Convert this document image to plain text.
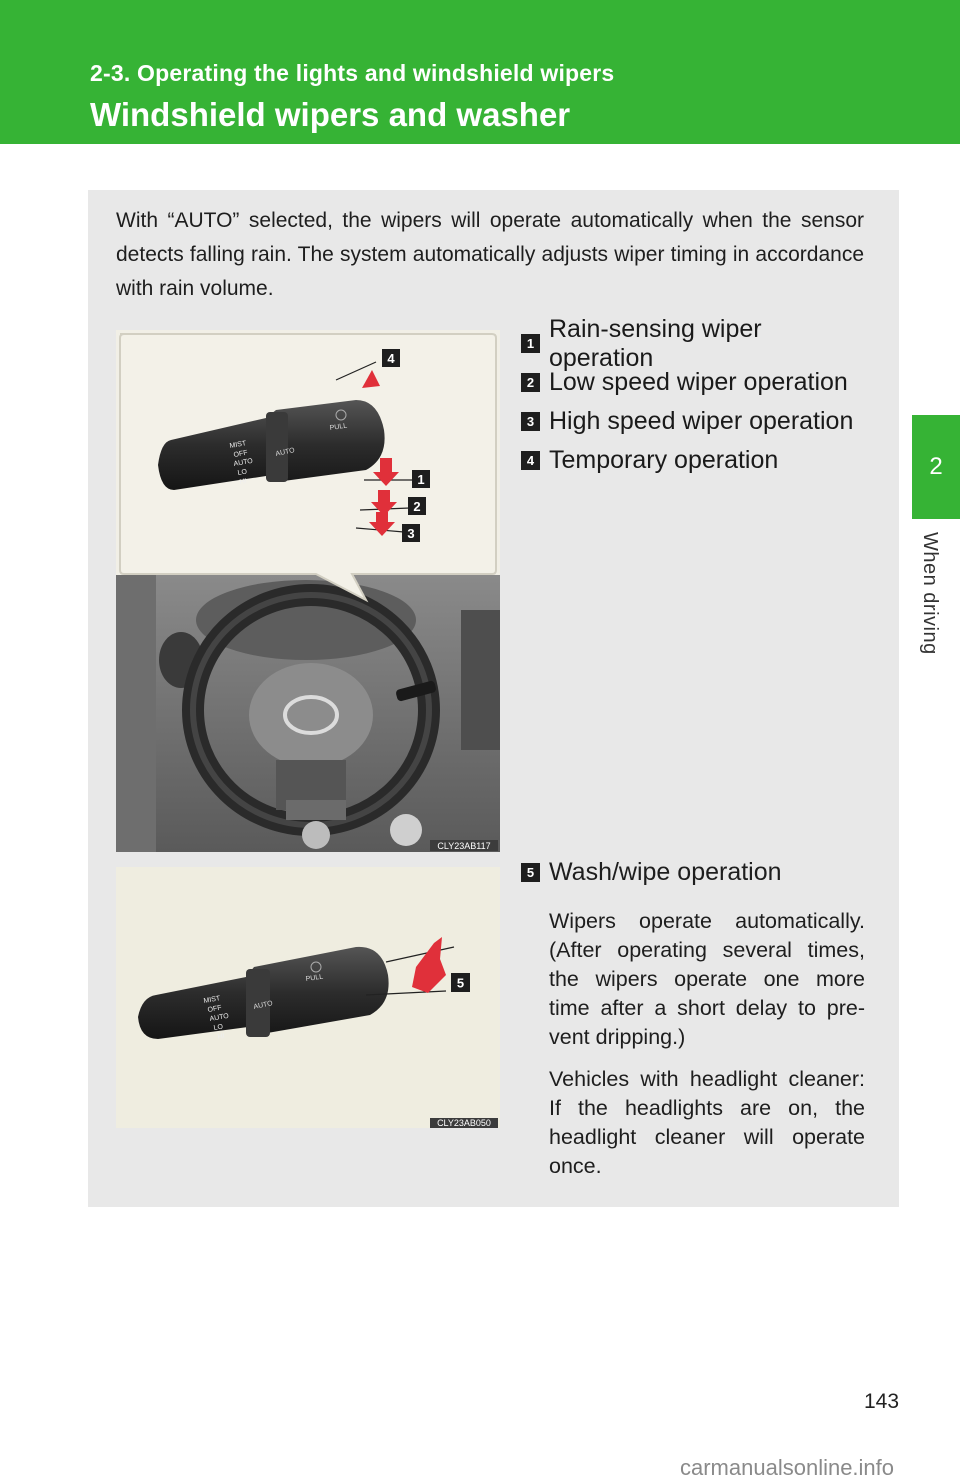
2-3. Operating the lights and windshield wipers
Windshield wipers and washer
2
When driving

With “AUTO” selected, the wipers will operate automatically when the sensor detects falling rain. The system automatically adjusts wiper timing in accordance with rain volume.

CLY23AB117
MIST
OFF
AUTO
LO
HI
AUTO
PULL
4
1
2
3
1
Rain-sensing wiper operation
2 Low speed wiper operation
3 High speed wiper operation
4 Temporary operation
MIST
OFF
AUTO
LO
HI
AUTO
PULL	5
CLY23AB050
5 Wash/wipe operation

Wipers operate automatically. (After operating several times, the wipers operate one more time after a short delay to pre-vent dripping.)

Vehicles with headlight cleaner: If the headlights are on, the headlight cleaner will operate once.

143
carmanualsonline.info
